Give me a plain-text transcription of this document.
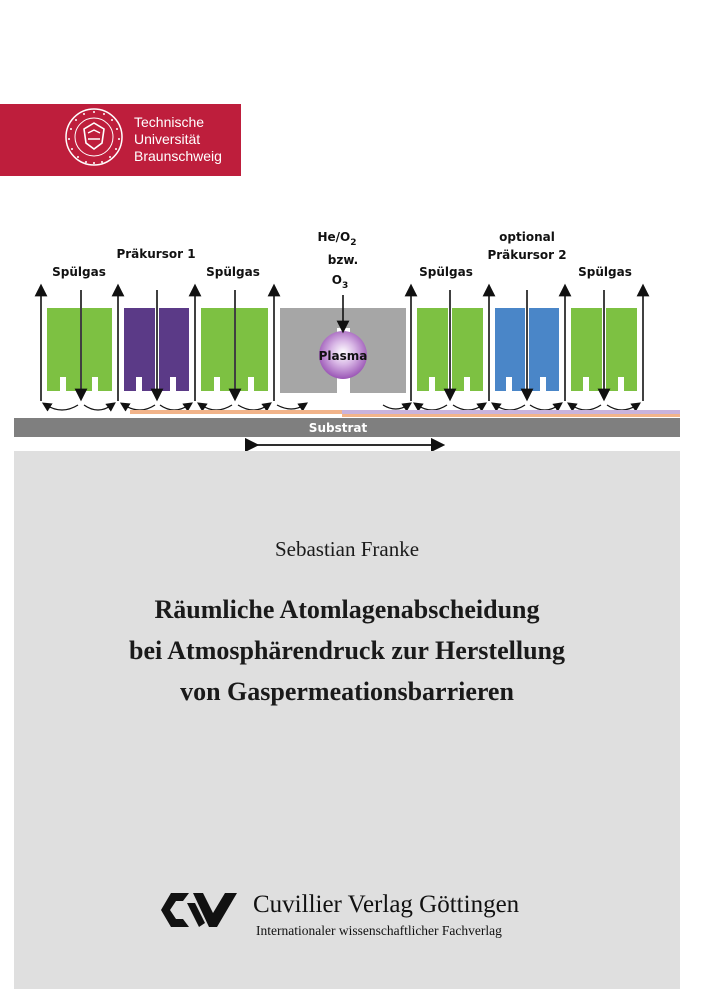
Technische
Universität
Braunschweig
Substrat
Spülgas
Präkursor 1
Spülgas
$He/O_2$
bzw.
$O_3$
Spülgas
optional
Präkursor 2
Spülgas
Plasma
Sebastian Franke
Räumliche Atomlagenabscheidung
bei Atmosphärendruck zur Herstellung
von Gaspermeationsbarrieren
Cuvillier Verlag Göttingen
Internationaler wissenschaftlicher Fachverlag
